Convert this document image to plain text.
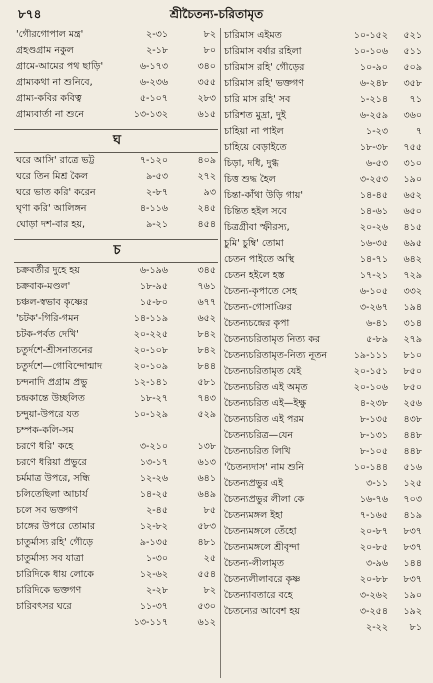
৮৭৪	শ্রীচৈতন্য-চরিতামৃত
'গৌরগোপাল মন্ত্র'	২-৩১	৮২
গ্রহণ্ডগ্রাম নকুল	২-১৮	৮০
গ্রামে-আমের পথ ছাড়ি'	৬-১৭৩	৩৪০
গ্রাম্যকথা না শুনিবে,	৬-২৩৬	৩৫৫
গ্রাম্য-কবির কবিত্ব	৫-১০৭	২৮৩
গ্রাম্যবার্তা না শুনে	১৩-১৩২	৬১৫
ঘ
ঘরে আসি' রাত্রে ভট্ট	৭-১২০	৪০৯
ঘরে তিন মিশ্র কৈল	৯-৫৩	২৭২
ঘরে ভাত করি' করেন	২-৮৭	৯৩
ঘৃণা করি' আলিঙ্গন	৪-১১৬	২৪৫
ঘোড়া দশ-বার হয়,	৯-২১	৪৫৪
চ
চক্রবর্তীর দুহে হয়	৬-১৯৬	৩৪৫
চক্রবাক-মণ্ডল'	১৮-৯৫	৭৬১
চঞ্চল-স্বভাব কৃষ্ণের	১৫-৮০	৬৭৭
'চটক'-গিরি-গমন	১৪-১১৯	৬৫২
চটক-পর্বত দেখি'	২০-২২৫	৮৪২
চতুর্দশে-শ্রীসনাতনের	২০-১০৮	৮৪২
চতুর্দশে—গোবিন্দোন্মাদ	২০-১০৯	৮৪৪
চন্দনাদি প্রগ্রাম প্রভু	১২-১৪১	৫৮১
চন্দ্রকান্তে উচ্ছলিত	১৮-২৭	৭৪৩
চন্দুয়া-উপরে যত	১০-১২৯	৫২৯
চম্পক-কলি-সম
চরণে ধরি' কহে	৩-২১০	১৩৮
চরণে ধরিয়া প্রভুরে	১৩-১৭	৬১৩
চর্মমাত্র উপরে, সন্ধি	১২-২৬	৬৪১
চলিতেছিলা আচার্য	১৪-২৫	৬৪৯
চলে সব ভক্তগণ	২-৪৫	৮৫
চাঙ্গের উপরে তোমার	১২-৮২	৫৮৩
চাতুর্মাস্য রহি' গৌড়ে	৯-১৩৫	৪৮১
চাতুর্মাস্য সব যাত্রা	১-৩০	২৫
চারিদিকে ধায় লোকে	১২-৬২	৫৫৪
চারিদিকে ভক্তগণ	২-২৮	৮২
চারিবৎসর ঘরে	১১-৩৭	৫৩০
১৩-১১৭	৬১২
চারিমাস এইমত	১০-১৫২ ৫২১
চারিমাস বর্ষার রহিলা	১০-১০৬ ৫১১
চারিমাস রহি' গৌড়ের	১০-৯০ ৫০৯
চারিমাস রহি' ভক্তগণ	৬-২৪৮ ৩৫৮
চারি মাস রহি' সব	১-২১৪ ৭১
চারিশত মুদ্রা, দুই	৬-২৫৯ ৩৬০
চাহিয়া না পাইল	১-২৩	৭
চাহিয়ে বেড়াইতে	১৮-৩৮ ৭৫৫
চিড়া, দধি, দুগ্ধ	৬-৫৩ ৩১০
চিত্ত শুদ্ধ হৈল	৩-২৫৩ ১৯০
চিন্তা-কাঁথা উড়ি গায়'	১৪-৪৫ ৬৫২
চিন্তিত হইল সবে	১৪-৬১ ৬৫০
চিত্রগ্রীবা স্ফীরস্য,	২০-২৬ ৪১৫
চুমি' চুম্বি' তোমা	১৬-৩৫ ৬৯৫
চেতন পাইতে অস্থি	১৪-৭১ ৬৪২
চেতন হইলে হস্ত	১৭-২১ ৭২৯
চৈতন্য-কৃপাতে সেহ	৬-১০৫ ৩৩২
চৈতন্য-গোসাঞির	৩-২৬৭ ১৯৪
চৈতন্যচন্দ্রের কৃপা	৬-৪১ ৩১৪
চৈতন্যচরিতামৃত নিত্য কর	৫-৮৯ ২৭৯
চৈতন্যচরিতামৃত-নিত্য নূতন	১৯-১১১ ৮১০
চৈতন্যচরিতামৃত যেই	২০-১৫১ ৮৫০
চৈতন্যচরিত এই অমৃত	২০-১০৬ ৮৫০
চৈতন্যচরিত এই—ইক্ষু	৪-২৩৮ ২৫৬
চৈতন্যচরিত এই পরম	৮-১৩৫ ৪৩৮
চৈতন্যচরিত্র—যেন	৮-১৩১ ৪৪৮
চৈতন্যচরিত লিখি	৮-১০৫ ৪৪৮
'চৈতন্যদাস' নাম শুনি	১০-১৪৪ ৫১৬
চৈতন্যপ্রভুর এই	৩-১১ ১২৫
চৈতন্যপ্রভুর লীলা কে	১৬-৭৬ ৭০৩
চৈতন্যমঙ্গল ইহা	৭-১৬৫ ৪১৯
চৈতন্যমঙ্গলে তেঁহো	২০-৮৭ ৮৩৭
চৈতন্যমঙ্গলে শ্রীবৃন্দা	২০-৮৫ ৮৩৭
চৈতন্য-লীলামৃত	৩-৯৬ ১৪৪
চৈতন্যলীলাবরে কৃষ্ণ	২০-৮৮ ৮৩৭
চৈতন্যাবতারে বহে	৩-২৬২ ১৯০
চৈতন্যের আবেশ হয়	৩-২৫৪ ১৯২
২-২২ ৮১
